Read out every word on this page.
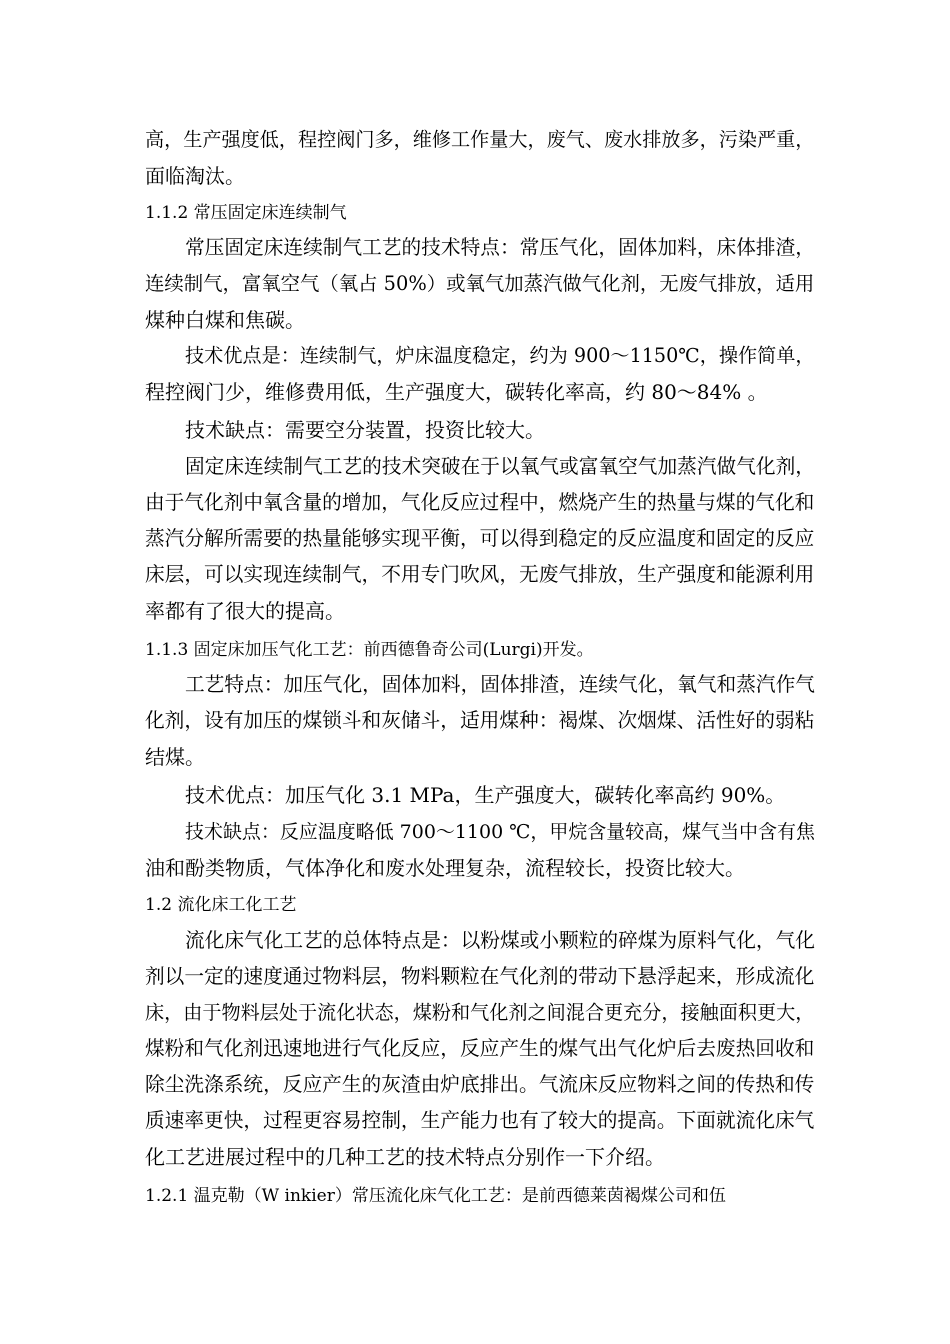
高，生产强度低，程控阀门多，维修工作量大，废气、废水排放多，污染严重，
面临淘汰。
1.1.2 常压固定床连续制气
常压固定床连续制气工艺的技术特点：常压气化，固体加料，床体排渣，
连续制气，富氧空气（氧占 50%）或氧气加蒸汽做气化剂，无废气排放，适用
煤种白煤和焦碳。
技术优点是：连续制气，炉床温度稳定，约为 900～1150℃，操作简单，
程控阀门少，维修费用低，生产强度大，碳转化率高，约 80～84% 。
技术缺点：需要空分装置，投资比较大。
固定床连续制气工艺的技术突破在于以氧气或富氧空气加蒸汽做气化剂，
由于气化剂中氧含量的增加，气化反应过程中，燃烧产生的热量与煤的气化和
蒸汽分解所需要的热量能够实现平衡，可以得到稳定的反应温度和固定的反应
床层，可以实现连续制气，不用专门吹风，无废气排放，生产强度和能源利用
率都有了很大的提高。
1.1.3 固定床加压气化工艺：前西德鲁奇公司(Lurgi)开发。
工艺特点：加压气化，固体加料，固体排渣，连续气化，氧气和蒸汽作气
化剂，设有加压的煤锁斗和灰储斗，适用煤种：褐煤、次烟煤、活性好的弱粘
结煤。
技术优点：加压气化 3.1 MPa，生产强度大，碳转化率高约 90%。
技术缺点：反应温度略低 700～1100 ℃，甲烷含量较高，煤气当中含有焦
油和酚类物质，气体净化和废水处理复杂，流程较长，投资比较大。
1.2 流化床工化工艺
流化床气化工艺的总体特点是：以粉煤或小颗粒的碎煤为原料气化，气化
剂以一定的速度通过物料层，物料颗粒在气化剂的带动下悬浮起来，形成流化
床，由于物料层处于流化状态，煤粉和气化剂之间混合更充分，接触面积更大，
煤粉和气化剂迅速地进行气化反应，反应产生的煤气出气化炉后去废热回收和
除尘洗涤系统，反应产生的灰渣由炉底排出。气流床反应物料之间的传热和传
质速率更快，过程更容易控制，生产能力也有了较大的提高。下面就流化床气
化工艺进展过程中的几种工艺的技术特点分别作一下介绍。
1.2.1 温克勒（W inkier）常压流化床气化工艺：是前西德莱茵褐煤公司和伍
